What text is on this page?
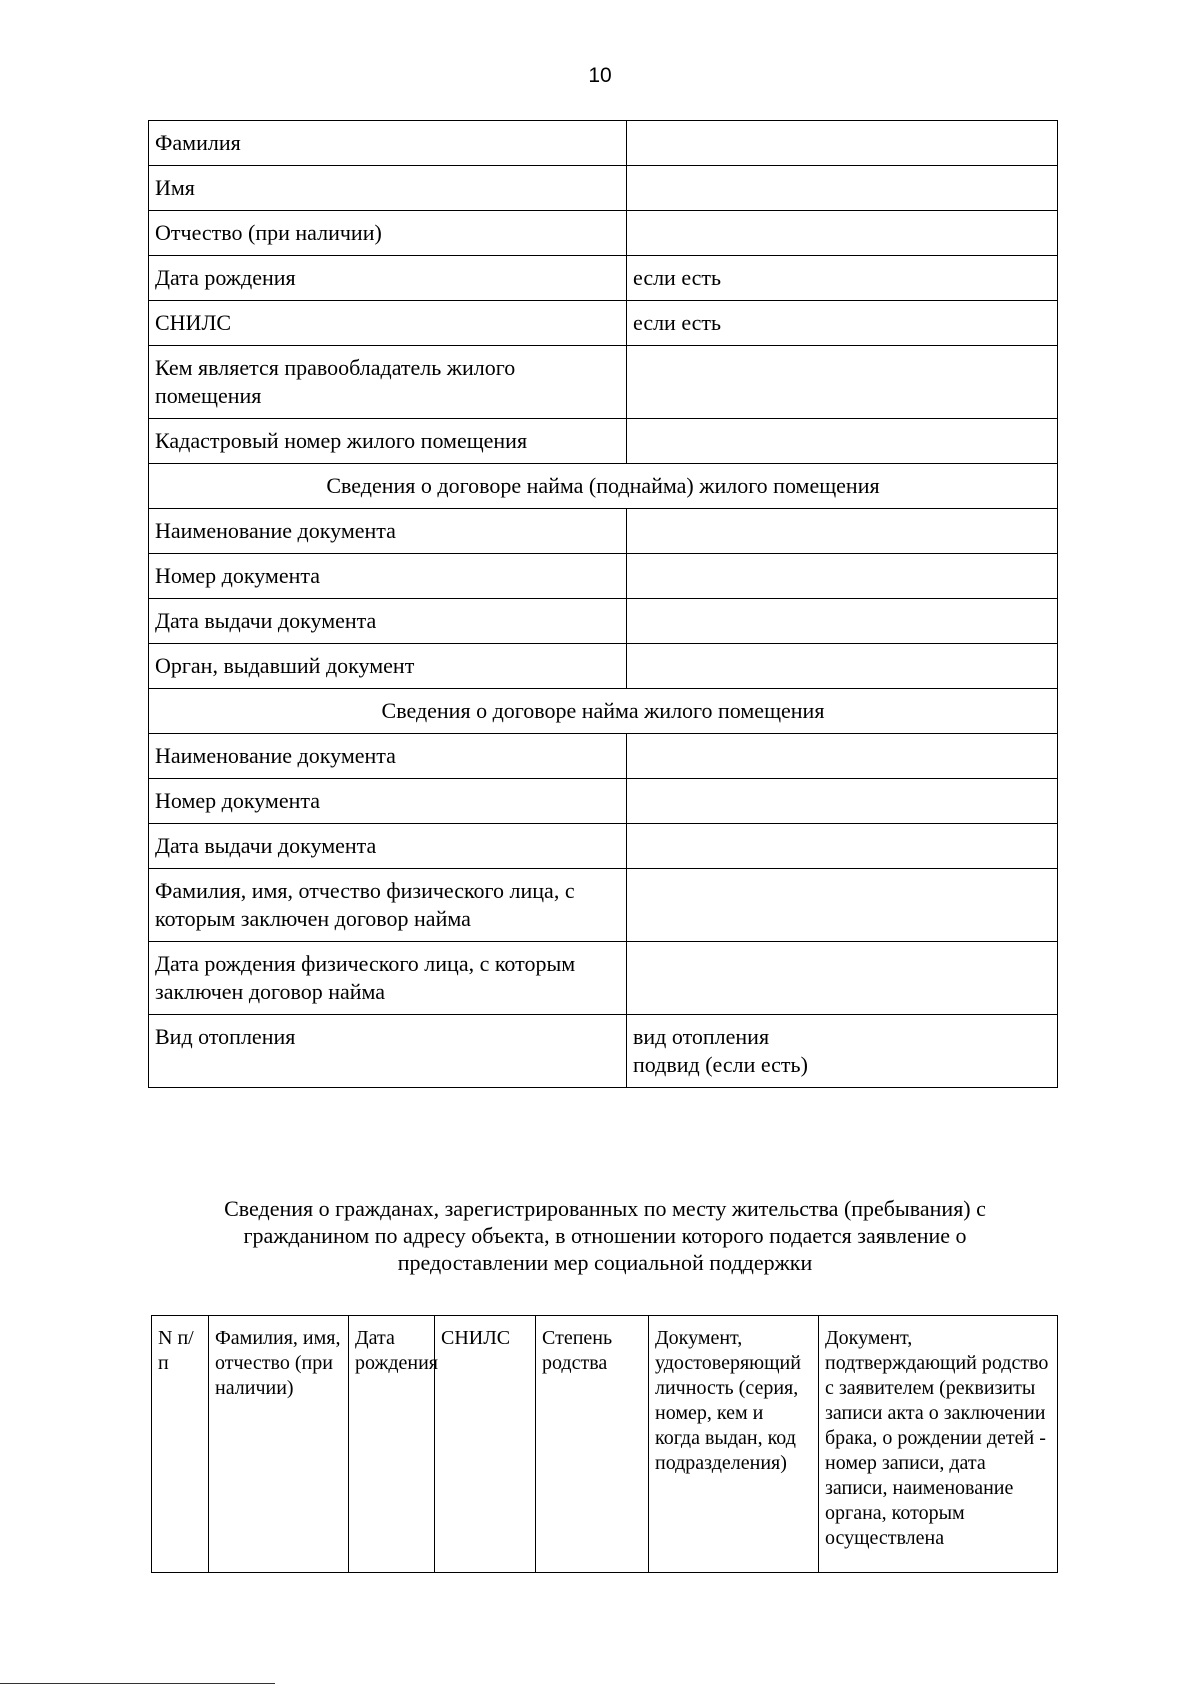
10
Фамилия	
Имя	
Отчество (при наличии)	
Дата рождения	если есть
СНИЛС	если есть
Кем является правообладатель жилого помещения	
Кадастровый номер жилого помещения	
Сведения о договоре найма (поднайма) жилого помещения	
Наименование документа	
Номер документа	
Дата выдачи документа	
Орган, выдавший документ	
Сведения о договоре найма жилого помещения	
Наименование документа	
Номер документа	
Дата выдачи документа	
Фамилия, имя, отчество физического лица, с которым заключен договор найма	
Дата рождения физического лица, с которым заключен договор найма	
Вид отопления	вид отопления
подвид (если есть)
Сведения о гражданах, зарегистрированных по месту жительства (пребывания) с гражданином по адресу объекта, в отношении которого подается заявление о предоставлении мер социальной поддержки
N п/п	Фамилия, имя, отчество (при наличии)	Дата рождения	СНИЛС	Степень родства	Документ, удостоверяющий личность (серия, номер, кем и когда выдан, код подразделения)	Документ, подтверждающий родство с заявителем (реквизиты записи акта о заключении брака, о рождении детей - номер записи, дата записи, наименование органа, которым осуществлена
